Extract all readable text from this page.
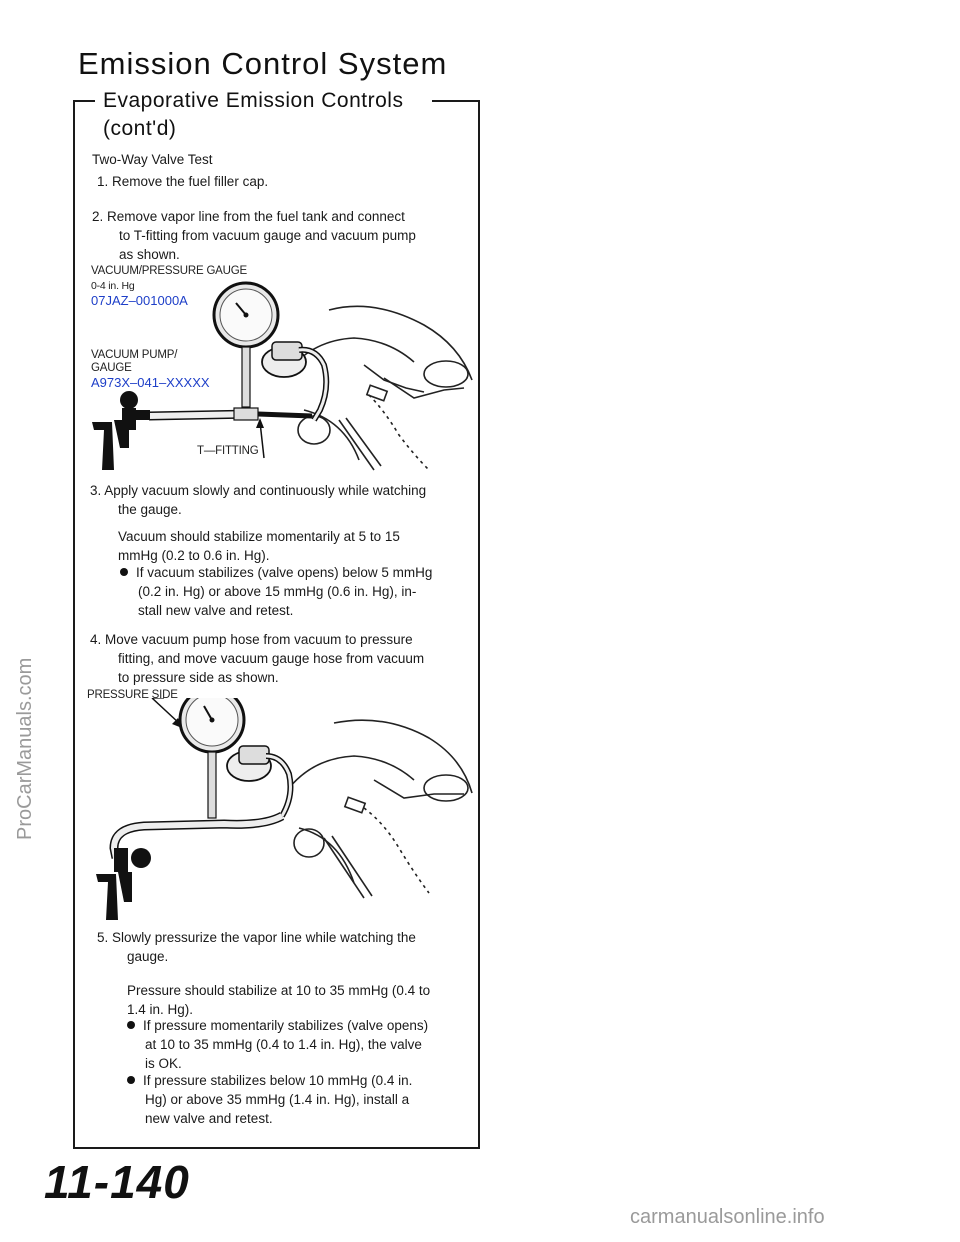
Emission Control System
Evaporative Emission Controls
(cont'd)
Two-Way Valve Test
1. Remove the fuel filler cap.

2. Remove vapor line from the fuel tank and connect

to T-fitting from vacuum gauge and vacuum pump

as shown.

VACUUM/PRESSURE GAUGE
0-4 in. Hg
07JAZ–001000A
VACUUM PUMP/
GAUGE
A973X–041–XXXXX
T—FITTING

3. Apply vacuum slowly and continuously while watching

the gauge.

Vacuum should stabilize momentarily at 5 to 15

mmHg (0.2 to 0.6 in. Hg).

If vacuum stabilizes (valve opens) below 5 mmHg

(0.2 in. Hg) or above 15 mmHg (0.6 in. Hg), in-

stall new valve and retest.

4. Move vacuum pump hose from vacuum to pressure

fitting, and move vacuum gauge hose from vacuum

to pressure side as shown.

PRESSURE SIDE

5. Slowly pressurize the vapor line while watching the

gauge.

Pressure should stabilize at 10 to 35 mmHg (0.4 to

1.4 in. Hg).

If pressure momentarily stabilizes (valve opens)

at 10 to 35 mmHg (0.4 to 1.4 in. Hg), the valve

is OK.

If pressure stabilizes below 10 mmHg (0.4 in.

Hg) or above 35 mmHg (1.4 in. Hg), install a

new valve and retest.

11-140
ProCarManuals.com
carmanualsonline.info
